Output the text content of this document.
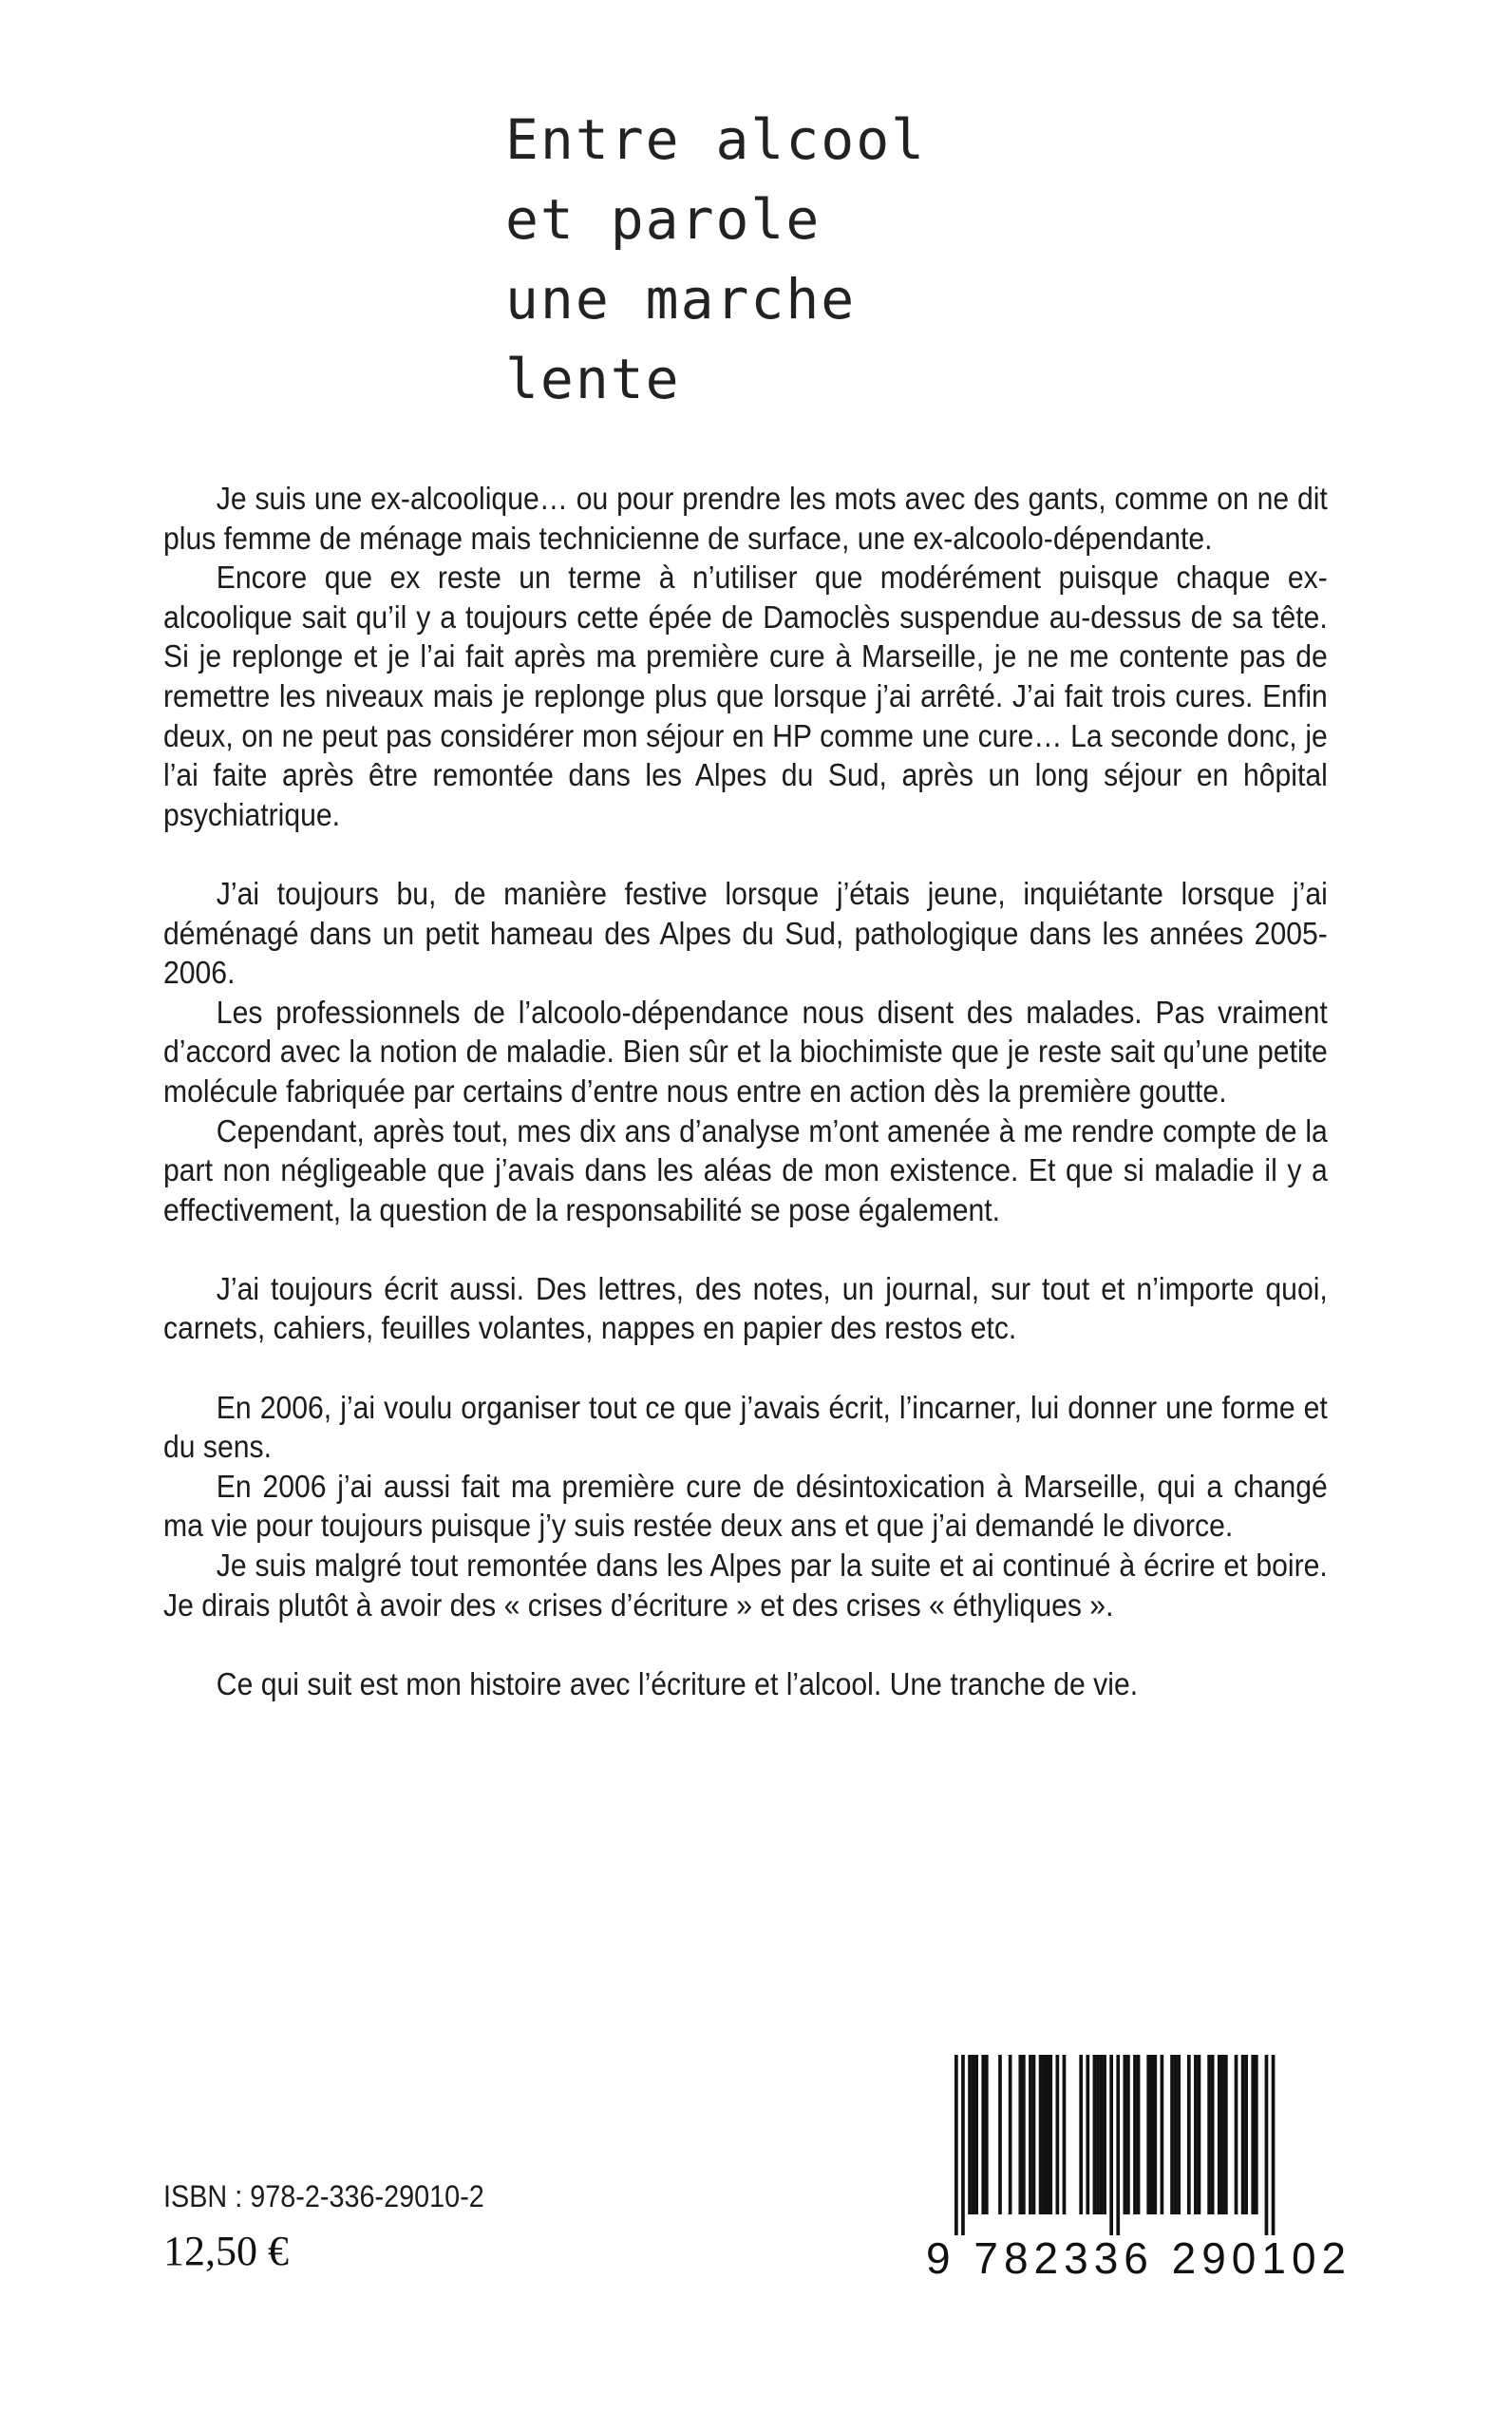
Entre alcool
et parole
une marche
lente

Je suis une ex-alcoolique… ou pour prendre les mots avec des gants, comme on ne dit plus femme de ménage mais technicienne de surface, une ex-alcoolo-dépendante.

Encore que ex reste un terme à n’utiliser que modérément puisque chaque ex-alcoolique sait qu’il y a toujours cette épée de Damoclès suspendue au-dessus de sa tête. Si je replonge et je l’ai fait après ma première cure à Marseille, je ne me contente pas de remettre les niveaux mais je replonge plus que lorsque j’ai arrêté. J’ai fait trois cures. Enfin deux, on ne peut pas considérer mon séjour en HP comme une cure… La seconde donc, je l’ai faite après être remontée dans les Alpes du Sud, après un long séjour en hôpital psychiatrique.

J’ai toujours bu, de manière festive lorsque j’étais jeune, inquiétante lorsque j’ai déménagé dans un petit hameau des Alpes du Sud, pathologique dans les années 2005-2006.

Les professionnels de l’alcoolo-dépendance nous disent des malades. Pas vraiment d’accord avec la notion de maladie. Bien sûr et la biochimiste que je reste sait qu’une petite molécule fabriquée par certains d’entre nous entre en action dès la première goutte.

Cependant, après tout, mes dix ans d’analyse m’ont amenée à me rendre compte de la part non négligeable que j’avais dans les aléas de mon existence. Et que si maladie il y a effectivement, la question de la responsabilité se pose également.

J’ai toujours écrit aussi. Des lettres, des notes, un journal, sur tout et n’importe quoi, carnets, cahiers, feuilles volantes, nappes en papier des restos etc.

En 2006, j’ai voulu organiser tout ce que j’avais écrit, l’incarner, lui donner une forme et du sens.

En 2006 j’ai aussi fait ma première cure de désintoxication à Marseille, qui a changé ma vie pour toujours puisque j’y suis restée deux ans et que j’ai demandé le divorce.

Je suis malgré tout remontée dans les Alpes par la suite et ai continué à écrire et boire. Je dirais plutôt à avoir des « crises d’écriture » et des crises « éthyliques ».

Ce qui suit est mon histoire avec l’écriture et l’alcool. Une tranche de vie.

ISBN : 978-2-336-29010-2
12,50 €	9 782336 290102
